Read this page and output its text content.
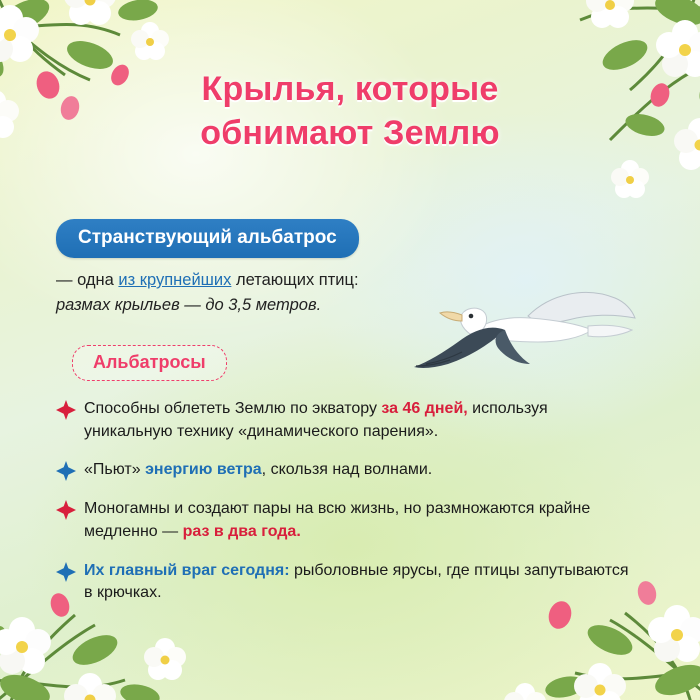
Крылья, которые
обнимают Землю
Странствующий альбатрос
— одна из крупнейших летающих птиц:
размах крыльев — до 3,5 метров.
Альбатросы
Способны облететь Землю по экватору за 46 дней, используя уникальную технику «динамического парения».
«Пьют» энергию ветра, скользя над волнами.
Моногамны и создают пары на всю жизнь, но размножаются крайне медленно — раз в два года.
Их главный враг сегодня: рыболовные ярусы, где птицы запутываются в крючках.
